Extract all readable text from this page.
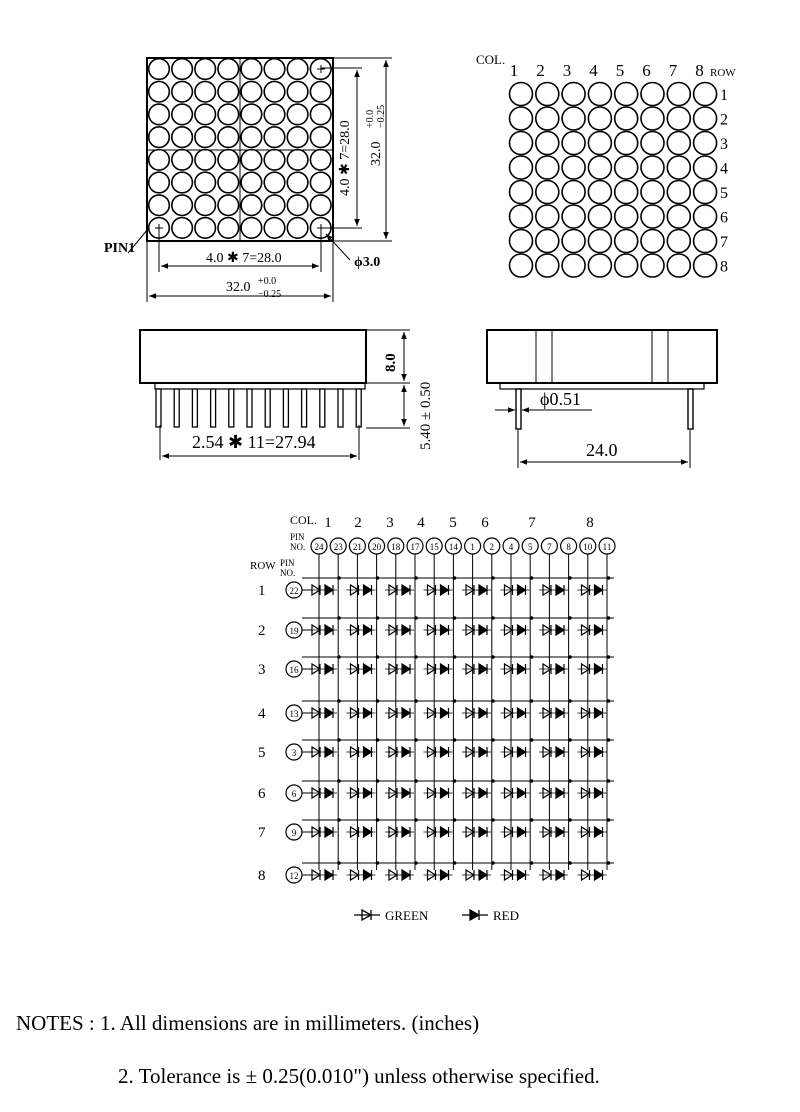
PIN1
4.0 ✱ 7=28.0 32.0
+0.0 −0.25
4.0 ✱ 7=28.0
32.0 +0.0
−0.25
ϕ3.0
COL.
ROW
1 2 3 4 5 6 7 8
1
2
3
4
5
6
7
8
2.54 ✱ 11=27.94
8.0
5.40 ± 0.50	ϕ0.51
24.0
COL.
PIN
NO.
ROW PIN
NO.
1 2 3 4 5 6	7	8
24 23 21 20 18 17 15 14 1 2 4 5 7 8 10 11
1	22
2	19
3	16
4	13
5	3
6	6
7	9
8	12
GREEN	RED
NOTES : 1. All dimensions are in millimeters. (inches)
2. Tolerance is ± 0.25(0.010") unless otherwise specified.
